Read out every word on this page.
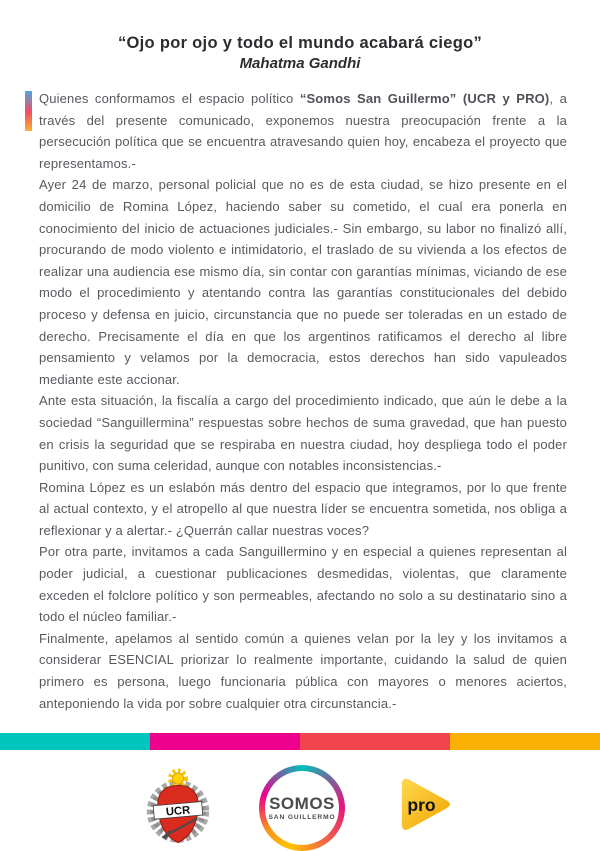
“Ojo por ojo y todo el mundo acabará ciego”

Mahatma Gandhi

Quienes conformamos el espacio político “Somos San Guillermo” (UCR y PRO), a través del presente comunicado, exponemos nuestra preocupación frente a la persecución política que se encuentra atravesando quien hoy, encabeza el proyecto que representamos.-

Ayer 24 de marzo, personal policial que no es de esta ciudad, se hizo presente en el domicilio de Romina López, haciendo saber su cometido, el cual era ponerla en conocimiento del inicio de actuaciones judiciales.- Sin embargo, su labor no finalizó allí, procurando de modo violento e intimidatorio, el traslado de su vivienda a los efectos de realizar una audiencia ese mismo día, sin contar con garantías mínimas, viciando de ese modo el procedimiento y atentando contra las garantías constitucionales del debido proceso y defensa en juicio, circunstancia que no puede ser toleradas en un estado de derecho. Precisamente el día en que los argentinos ratificamos el derecho al libre pensamiento y velamos por la democracia, estos derechos han sido vapuleados mediante este accionar.

Ante esta situación, la fiscalía a cargo del procedimiento indicado, que aún le debe a la sociedad “Sanguillermina” respuestas sobre hechos de suma gravedad, que han puesto en crisis la seguridad que se respiraba en nuestra ciudad, hoy despliega todo el poder punitivo, con suma celeridad, aunque con notables inconsistencias.-

Romina López es un eslabón más dentro del espacio que integramos, por lo que frente al actual contexto, y el atropello al que nuestra líder se encuentra sometida, nos obliga a reflexionar y a alertar.- ¿Querrán callar nuestras voces?

Por otra parte, invitamos a cada Sanguillermino y en especial a quienes representan al poder judicial, a cuestionar publicaciones desmedidas, violentas, que claramente exceden el folclore político y son permeables, afectando no solo a su destinatario sino a todo el núcleo familiar.-

Finalmente, apelamos al sentido común a quienes velan por la ley y los invitamos a considerar ESENCIAL priorizar lo realmente importante, cuidando la salud de quien primero es persona, luego funcionaria pública con mayores o menores aciertos, anteponiendo la vida por sobre cualquier otra circunstancia.-

UCR	SOMOS
SAN GUILLERMO
pro
